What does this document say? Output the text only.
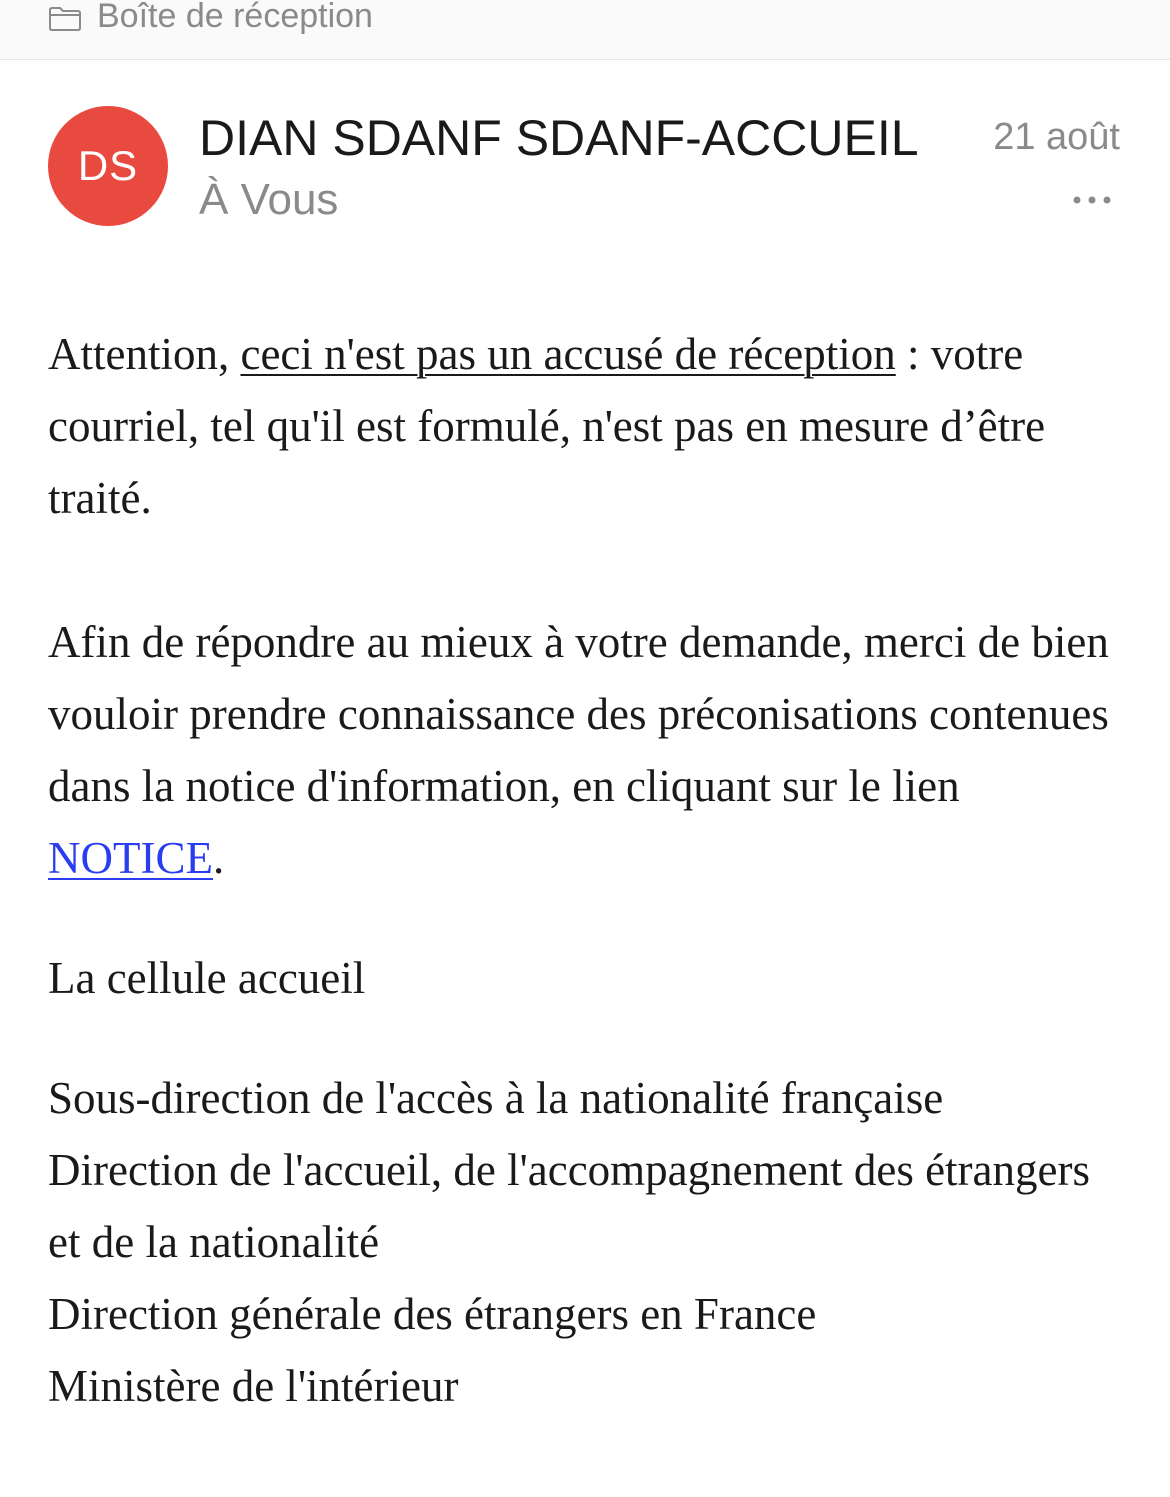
Boîte de réception
DS	DIAN SDANF SDANF-ACCUEIL
À Vous
21 août

Attention, ceci n'est pas un accusé de réception : votre courriel, tel qu'il est formulé, n'est pas en mesure d’être traité.

Afin de répondre au mieux à votre demande, merci de bien vouloir prendre connaissance des préconisations contenues dans la notice d'information, en cliquant sur le lien NOTICE.

La cellule accueil

Sous-direction de l'accès à la nationalité française
Direction de l'accueil, de l'accompagnement des étrangers et de la nationalité
Direction générale des étrangers en France
Ministère de l'intérieur
